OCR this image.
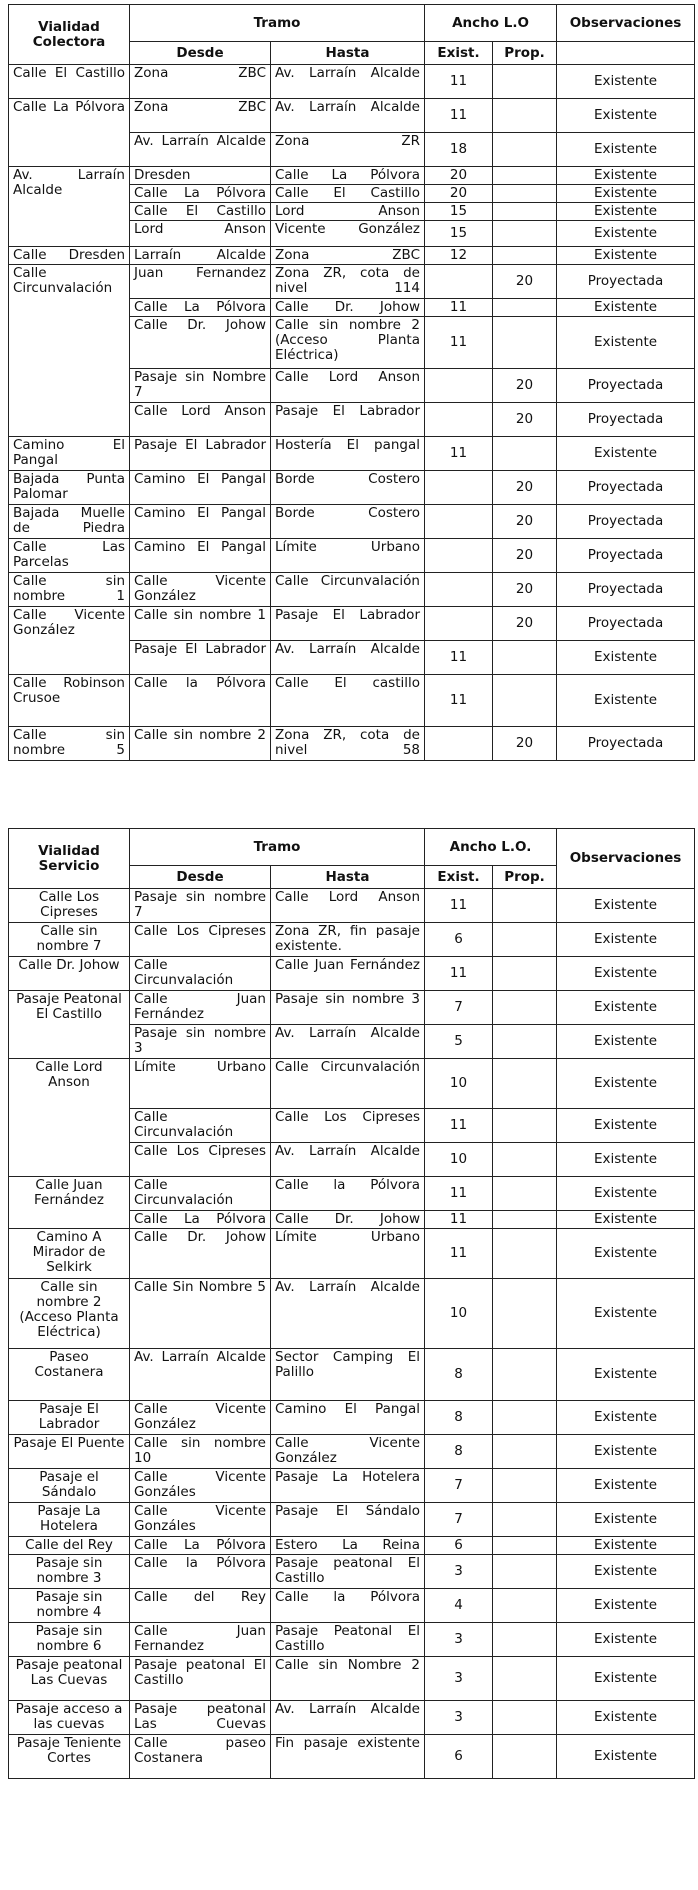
Vialidad Colectora	Tramo		Ancho L.O		Observaciones
	Desde	Hasta	Exist.	Prop.	
Calle El Castillo	Zona ZBC	Av. Larraín Alcalde	11		Existente
Calle La Pólvora	Zona ZBC	Av. Larraín Alcalde	11		Existente
	Av. Larraín Alcalde	Zona ZR	18		Existente
Av. Larraín Alcalde	Dresden	Calle La Pólvora	20		Existente
	Calle La Pólvora	Calle El Castillo	20		Existente
	Calle El Castillo	Lord Anson	15		Existente
	Lord Anson	Vicente González	15		Existente
Calle Dresden	Larraín Alcalde	Zona ZBC	12		Existente
Calle Circunvalación	Juan Fernandez	Zona ZR, cota de nivel 114		20	Proyectada
	Calle La Pólvora	Calle Dr. Johow	11		Existente
	Calle Dr. Johow	Calle sin nombre 2 (Acceso Planta Eléctrica)	11		Existente
	Pasaje sin Nombre 7	Calle Lord Anson		20	Proyectada
	Calle Lord Anson	Pasaje El Labrador		20	Proyectada
Camino El Pangal	Pasaje El Labrador	Hostería El pangal	11		Existente
Bajada Punta Palomar	Camino El Pangal	Borde Costero		20	Proyectada
Bajada Muelle de Piedra	Camino El Pangal	Borde Costero		20	Proyectada
Calle Las Parcelas	Camino El Pangal	Límite Urbano		20	Proyectada
Calle sin nombre 1	Calle Vicente González	Calle Circunvalación		20	Proyectada
Calle Vicente González	Calle sin nombre 1	Pasaje El Labrador		20	Proyectada
	Pasaje El Labrador	Av. Larraín Alcalde	11		Existente
Calle Robinson Crusoe	Calle la Pólvora	Calle El castillo	11		Existente
Calle sin nombre 5	Calle sin nombre 2	Zona ZR, cota de nivel 58		20	Proyectada
Vialidad Servicio	Tramo		Ancho L.O.		Observaciones
	Desde	Hasta	Exist.	Prop.	
Calle Los Cipreses	Pasaje sin nombre 7	Calle Lord Anson	11		Existente
Calle sin nombre 7	Calle Los Cipreses	Zona ZR, fin pasaje existente.	6		Existente
Calle Dr. Johow	Calle Circunvalación	Calle Juan Fernández	11		Existente
Pasaje Peatonal El Castillo	Calle Juan Fernández	Pasaje sin nombre 3	7		Existente
	Pasaje sin nombre 3	Av. Larraín Alcalde	5		Existente
Calle Lord Anson	Límite Urbano	Calle Circunvalación	10		Existente
	Calle Circunvalación	Calle Los Cipreses	11		Existente
	Calle Los Cipreses	Av. Larraín Alcalde	10		Existente
Calle Juan Fernández	Calle Circunvalación	Calle la Pólvora	11		Existente
	Calle La Pólvora	Calle Dr. Johow	11		Existente
Camino A Mirador de Selkirk	Calle Dr. Johow	Límite Urbano	11		Existente
Calle sin nombre 2 (Acceso Planta Eléctrica)	Calle Sin Nombre 5	Av. Larraín Alcalde	10		Existente
Paseo Costanera	Av. Larraín Alcalde	Sector Camping El Palillo	8		Existente
Pasaje El Labrador	Calle Vicente González	Camino El Pangal	8		Existente
Pasaje El Puente	Calle sin nombre 10	Calle Vicente González	8		Existente
Pasaje el Sándalo	Calle Vicente Gonzáles	Pasaje La Hotelera	7		Existente
Pasaje La Hotelera	Calle Vicente Gonzáles	Pasaje El Sándalo	7		Existente
Calle del Rey	Calle La Pólvora	Estero La Reina	6		Existente
Pasaje sin nombre 3	Calle la Pólvora	Pasaje peatonal El Castillo	3		Existente
Pasaje sin nombre 4	Calle del Rey	Calle la Pólvora	4		Existente
Pasaje sin nombre 6	Calle Juan Fernandez	Pasaje Peatonal El Castillo	3		Existente
Pasaje peatonal Las Cuevas	Pasaje peatonal El Castillo	Calle sin Nombre 2	3		Existente
Pasaje acceso a las cuevas	Pasaje peatonal Las Cuevas	Av. Larraín Alcalde	3		Existente
Pasaje Teniente Cortes	Calle paseo Costanera	Fin pasaje existente	6		Existente
